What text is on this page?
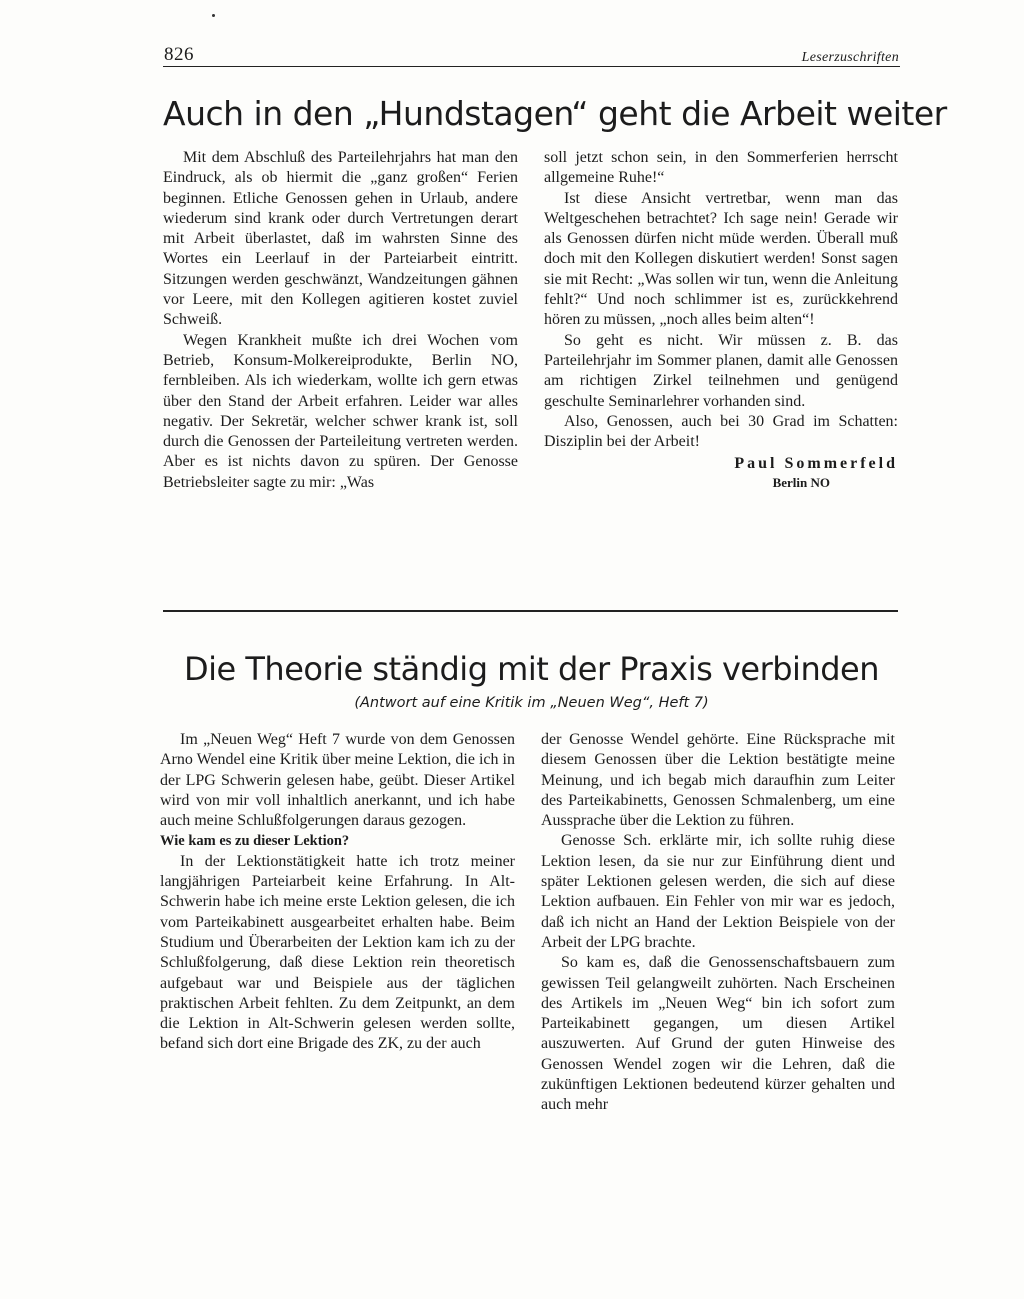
826	Leserzuschriften
Auch in den „Hundstagen“ geht die Arbeit weiter

Mit dem Abschluß des Parteilehrjahrs hat man den Eindruck, als ob hiermit die „ganz großen“ Ferien beginnen. Etliche Genossen gehen in Urlaub, andere wiederum sind krank oder durch Vertretungen derart mit Arbeit überlastet, daß im wahrsten Sinne des Wortes ein Leerlauf in der Parteiarbeit eintritt. Sitzungen werden geschwänzt, Wandzeitungen gähnen vor Leere, mit den Kollegen agitieren kostet zuviel Schweiß.

Wegen Krankheit mußte ich drei Wochen vom Betrieb, Konsum-Molkereiprodukte, Berlin NO, fernbleiben. Als ich wiederkam, wollte ich gern etwas über den Stand der Arbeit erfahren. Leider war alles negativ. Der Sekretär, welcher schwer krank ist, soll durch die Genossen der Parteileitung vertreten werden. Aber es ist nichts davon zu spüren. Der Genosse Betriebsleiter sagte zu mir: „Was

soll jetzt schon sein, in den Sommerferien herrscht allgemeine Ruhe!“

Ist diese Ansicht vertretbar, wenn man das Weltgeschehen betrachtet? Ich sage nein! Gerade wir als Genossen dürfen nicht müde werden. Überall muß doch mit den Kollegen diskutiert werden! Sonst sagen sie mit Recht: „Was sollen wir tun, wenn die Anleitung fehlt?“ Und noch schlimmer ist es, zurückkehrend hören zu müssen, „noch alles beim alten“!

So geht es nicht. Wir müssen z. B. das Parteilehrjahr im Sommer planen, damit alle Genossen am richtigen Zirkel teilnehmen und genügend geschulte Seminarlehrer vorhanden sind.

Also, Genossen, auch bei 30 Grad im Schatten: Disziplin bei der Arbeit!

Paul Sommerfeld
Berlin NO
Die Theorie ständig mit der Praxis verbinden
(Antwort auf eine Kritik im „Neuen Weg“, Heft 7)

Im „Neuen Weg“ Heft 7 wurde von dem Genossen Arno Wendel eine Kritik über meine Lektion, die ich in der LPG Schwerin gelesen habe, geübt. Dieser Artikel wird von mir voll inhaltlich anerkannt, und ich habe auch meine Schlußfolgerungen daraus gezogen.

Wie kam es zu dieser Lektion?

In der Lektionstätigkeit hatte ich trotz meiner langjährigen Parteiarbeit keine Erfahrung. In Alt-Schwerin habe ich meine erste Lektion gelesen, die ich vom Parteikabinett ausgearbeitet erhalten habe. Beim Studium und Überarbeiten der Lektion kam ich zu der Schlußfolgerung, daß diese Lektion rein theoretisch aufgebaut war und Beispiele aus der täglichen praktischen Arbeit fehlten. Zu dem Zeitpunkt, an dem die Lektion in Alt-Schwerin gelesen werden sollte, befand sich dort eine Brigade des ZK, zu der auch

der Genosse Wendel gehörte. Eine Rücksprache mit diesem Genossen über die Lektion bestätigte meine Meinung, und ich begab mich daraufhin zum Leiter des Parteikabinetts, Genossen Schmalenberg, um eine Aussprache über die Lektion zu führen.

Genosse Sch. erklärte mir, ich sollte ruhig diese Lektion lesen, da sie nur zur Einführung dient und später Lektionen gelesen werden, die sich auf diese Lektion aufbauen. Ein Fehler von mir war es jedoch, daß ich nicht an Hand der Lektion Beispiele von der Arbeit der LPG brachte.

So kam es, daß die Genossenschaftsbauern zum gewissen Teil gelangweilt zuhörten. Nach Erscheinen des Artikels im „Neuen Weg“ bin ich sofort zum Parteikabinett gegangen, um diesen Artikel auszuwerten. Auf Grund der guten Hinweise des Genossen Wendel zogen wir die Lehren, daß die zukünftigen Lektionen bedeutend kürzer gehalten und auch mehr
